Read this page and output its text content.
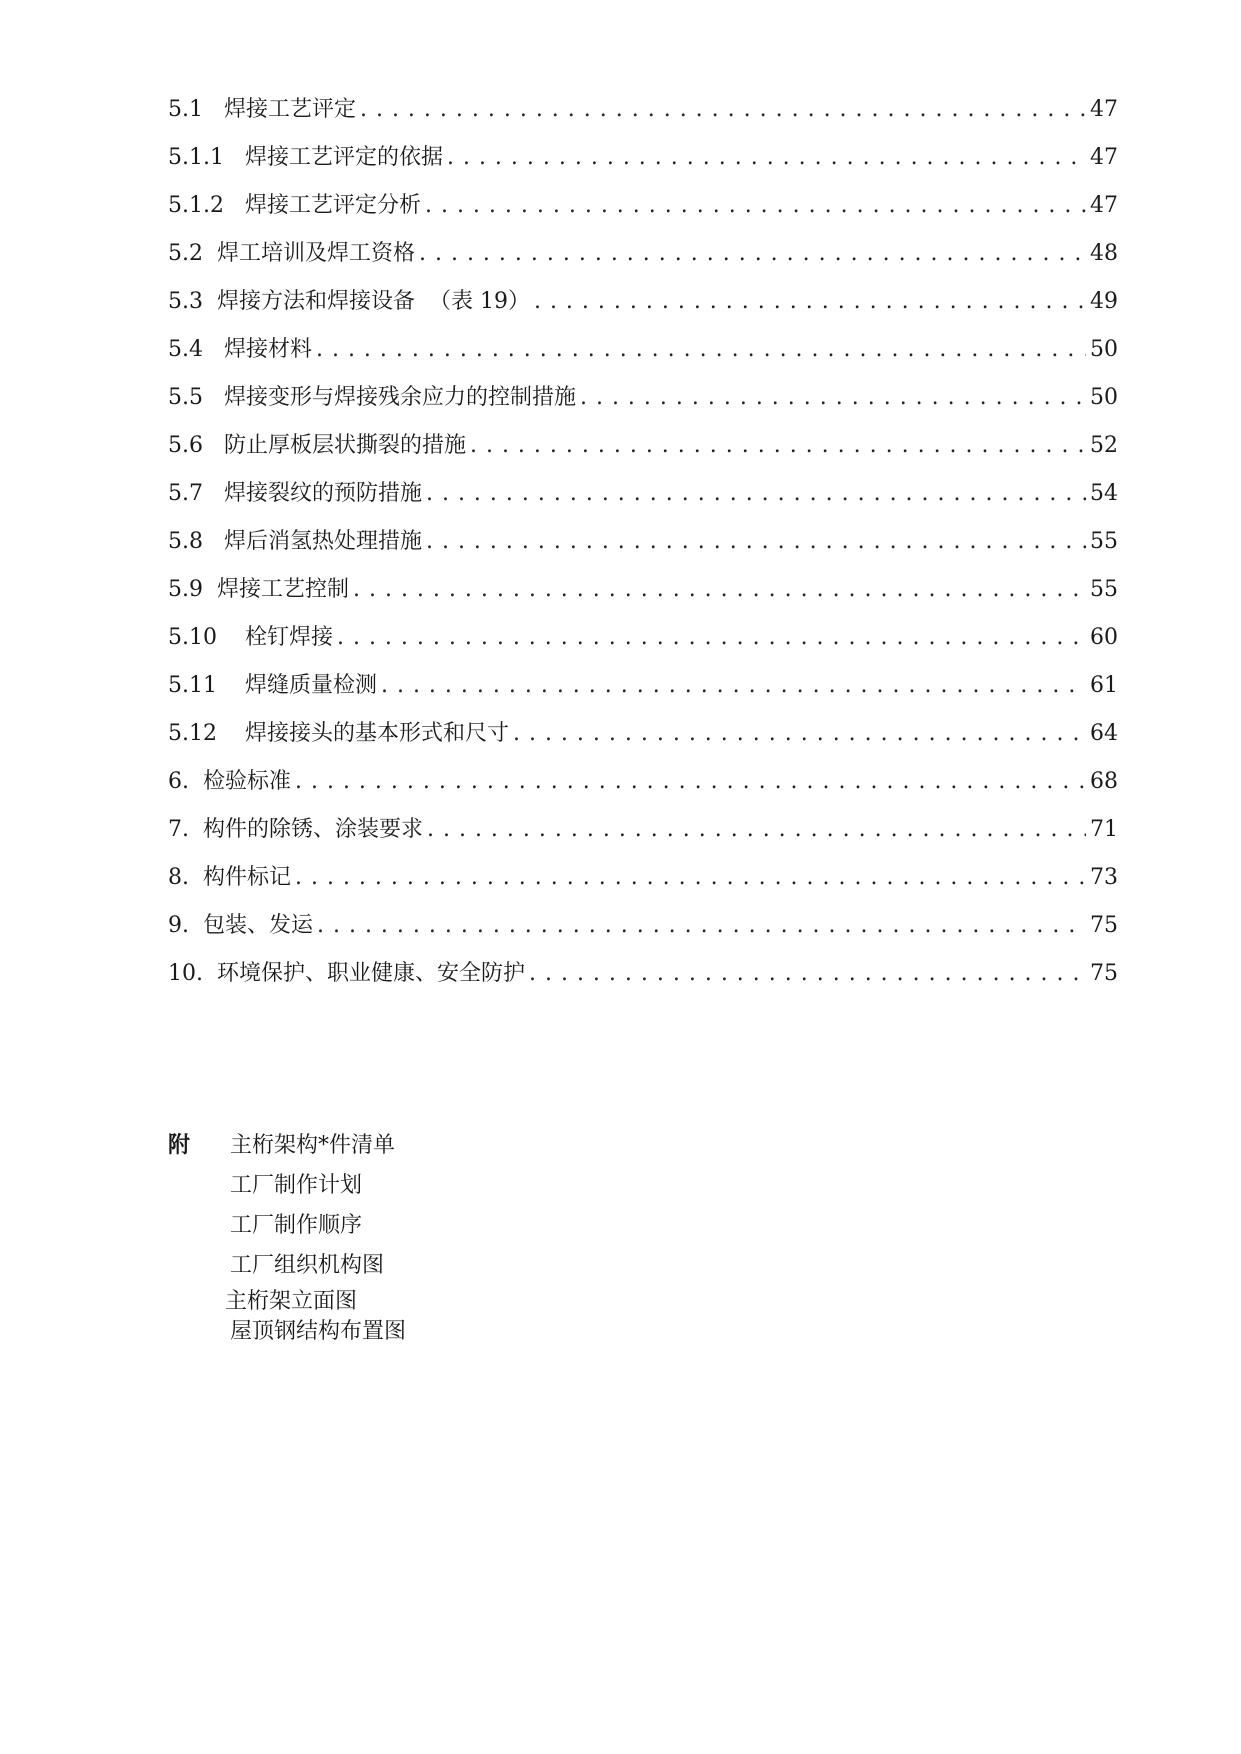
5.1   焊接工艺评定 . . .	47
5.1.1   焊接工艺评定的依据 . . .	47
5.1.2   焊接工艺评定分析 . . .	47
5.2  焊工培训及焊工资格 . . .	48
5.3  焊接方法和焊接设备  （表 19） . . .	49
5.4   焊接材料 . . .	50
5.5   焊接变形与焊接残余应力的控制措施 . . .	50
5.6   防止厚板层状撕裂的措施 . . .	52
5.7   焊接裂纹的预防措施 . . .	54
5.8   焊后消氢热处理措施 . . .	55
5.9  焊接工艺控制 . . .	55
5.10    栓钉焊接 . . .	60
5.11    焊缝质量检测 . . .	61
5.12    焊接接头的基本形式和尺寸 . . .	64
6.  检验标准 . . .	68
7.  构件的除锈、涂装要求 . . .	71
8.  构件标记 . . .	73
9.  包装、发运 . . .	75
10.  环境保护、职业健康、安全防护 . . .	75
附 主桁架构*件清单
工厂制作计划
工厂制作顺序
工厂组织机构图
主桁架立面图
屋顶钢结构布置图
